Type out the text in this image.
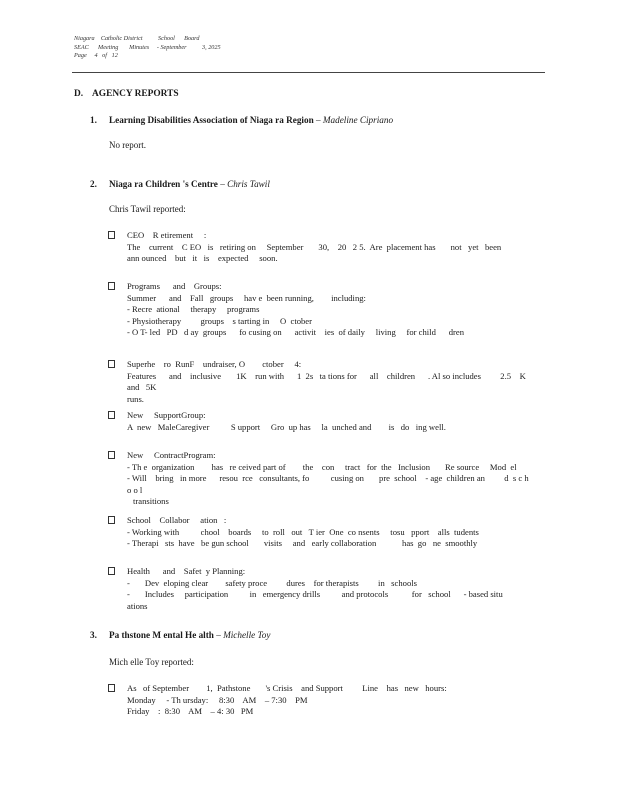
Niagara    Catholic District          School      Board
SEAC      Meeting       Minutes     - September          3, 2025
Page     4   of   12
D. AGENCY REPORTS
1. Learning Disabilities Association of Niaga ra Region – Madeline Cipriano
No report.
2. Niaga ra Children 's Centre – Chris Tawil
Chris Tawil reported:
CEO    R etirement     :
The    current    C EO   is   retiring on     September       30,    20   2 5.  Are  placement has       not   yet   been
ann ounced    but   it   is    expected     soon.
Programs      and    Groups:
Summer      and    Fall   groups     hav e  been running,        including:
- Recre  ational     therapy     programs
- Physiotherapy         groups    s tarting in     O  ctober
- O T- led   PD   d ay  groups      fo cusing on      activit    ies  of daily     living     for child      dren
Superhe    ro  RunF    undraiser, O        ctober     4:
Features      and    inclusive       1K    run with      1  2s   ta tions for      all    children      . Al so includes         2.5    K   and   5K
runs.
New     SupportGroup:
A  new   MaleCaregiver          S upport     Gro  up has     la  unched and        is   do   ing well.
New     ContractProgram:
- Th e  organization        has   re ceived part of        the    con     tract   for  the   Inclusion       Re source     Mod  el
- Will    bring   in more      resou  rce   consultants, fo          cusing on       pre  school    - age  children an         d  s c h o o l
transitions
School    Collabor     ation   :
- Working with          chool    boards     to  roll   out   T ier  One  co nsents     tosu   pport    alls  tudents
- Therapi   sts  have   be gun school       visits     and   early collaboration            has  go   ne  smoothly
Health      and    Safet  y Planning:
-       Dev  eloping clear        safety proce         dures    for therapists         in   schools
-       Includes     participation          in   emergency drills          and protocols           for   school      - based situ       ations
3. Pa thstone M ental He alth – Michelle Toy
Mich elle Toy reported:
As   of September        1,  Pathstone       's Crisis    and Support         Line    has   new   hours:
Monday     - Th ursday:     8:30    AM    – 7:30    PM
Friday    :  8:30    AM    – 4: 30   PM
